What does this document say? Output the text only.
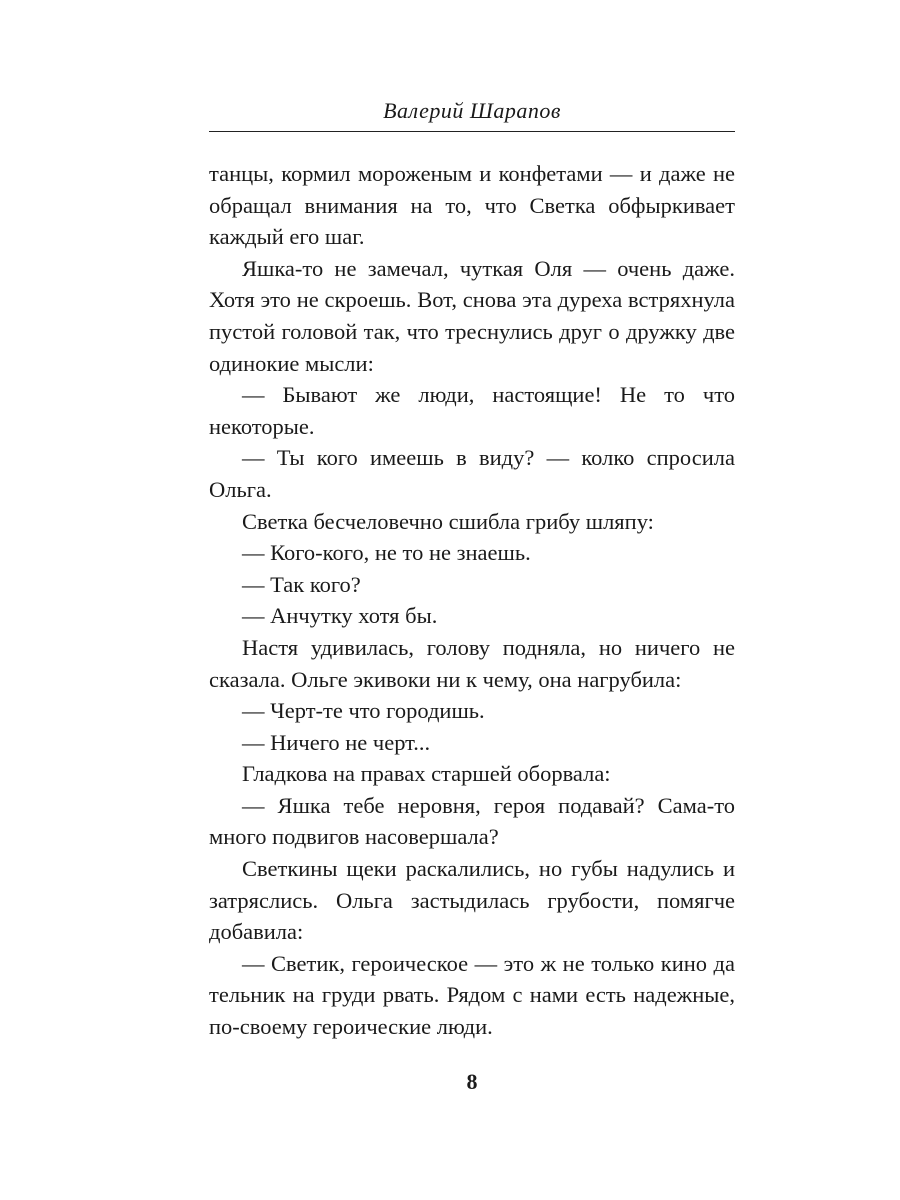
Валерий Шарапов

танцы, кормил мороженым и конфетами — и даже не обращал внимания на то, что Светка обфыркивает каждый его шаг.

Яшка-то не замечал, чуткая Оля — очень даже. Хотя это не скроешь. Вот, снова эта дуреха встряхнула пустой головой так, что треснулись друг о дружку две одинокие мысли:

— Бывают же люди, настоящие! Не то что некоторые.

— Ты кого имеешь в виду? — колко спросила Ольга.

Светка бесчеловечно сшибла грибу шляпу:

— Кого-кого, не то не знаешь.

— Так кого?

— Анчутку хотя бы.

Настя удивилась, голову подняла, но ничего не сказала. Ольге экивоки ни к чему, она нагрубила:

— Черт-те что городишь.

— Ничего не черт...

Гладкова на правах старшей оборвала:

— Яшка тебе неровня, героя подавай? Сама-то много подвигов насовершала?

Светкины щеки раскалились, но губы надулись и затряслись. Ольга застыдилась грубости, помягче добавила:

— Светик, героическое — это ж не только кино да тельник на груди рвать. Рядом с нами есть надежные, по-своему героические люди.

8
